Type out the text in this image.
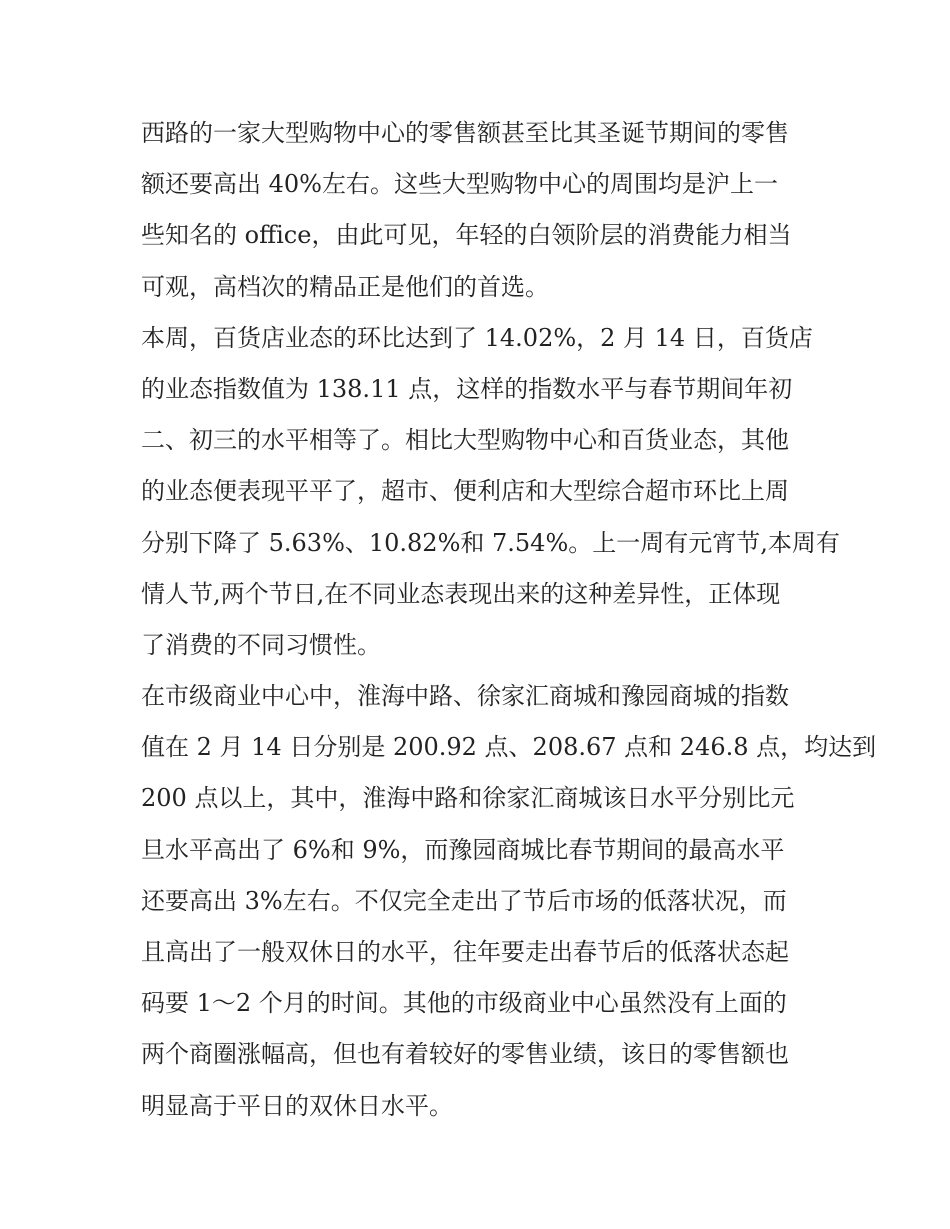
西路的一家大型购物中心的零售额甚至比其圣诞节期间的零售
额还要高出 40%左右。这些大型购物中心的周围均是沪上一
些知名的 office，由此可见，年轻的白领阶层的消费能力相当
可观，高档次的精品正是他们的首选。
本周，百货店业态的环比达到了 14.02%，2 月 14 日，百货店
的业态指数值为 138.11 点，这样的指数水平与春节期间年初
二、初三的水平相等了。相比大型购物中心和百货业态，其他
的业态便表现平平了，超市、便利店和大型综合超市环比上周
分别下降了 5.63%、10.82%和 7.54%。上一周有元宵节,本周有
情人节,两个节日,在不同业态表现出来的这种差异性，正体现
了消费的不同习惯性。
在市级商业中心中，淮海中路、徐家汇商城和豫园商城的指数
值在 2 月 14 日分别是 200.92 点、208.67 点和 246.8 点，均达到
200 点以上，其中，淮海中路和徐家汇商城该日水平分别比元
旦水平高出了 6%和 9%，而豫园商城比春节期间的最高水平
还要高出 3%左右。不仅完全走出了节后市场的低落状况，而
且高出了一般双休日的水平，往年要走出春节后的低落状态起
码要 1～2 个月的时间。其他的市级商业中心虽然没有上面的
两个商圈涨幅高，但也有着较好的零售业绩，该日的零售额也
明显高于平日的双休日水平。
